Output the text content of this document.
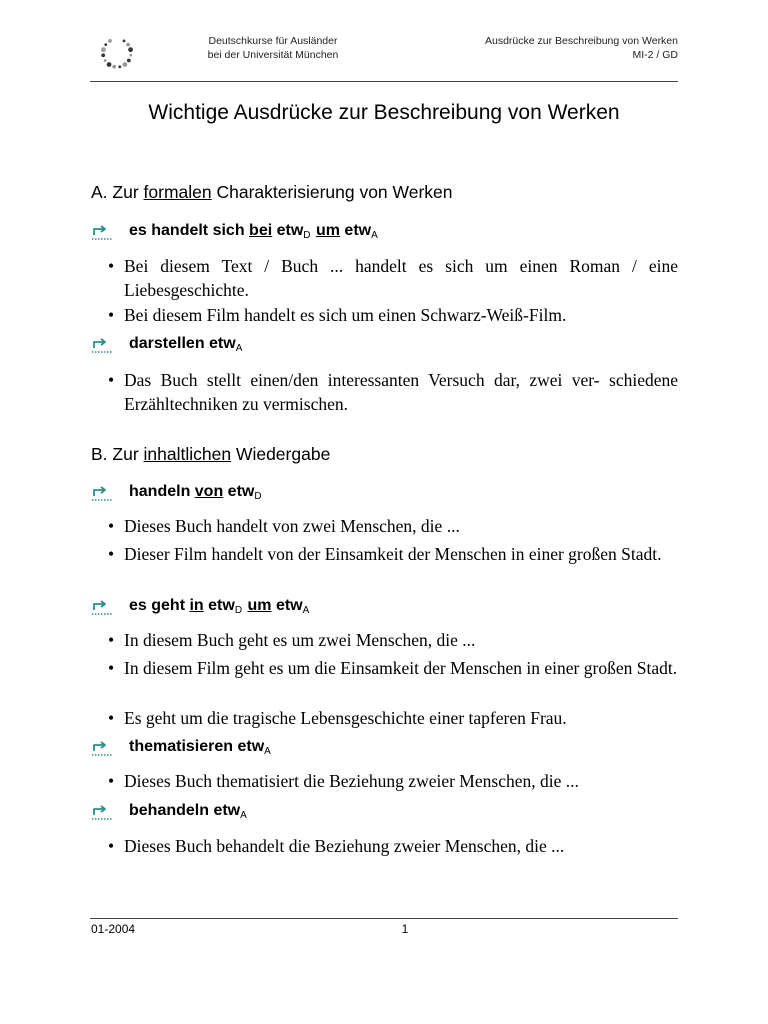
Deutschkurse für Ausländer
bei der Universität München
Ausdrücke zur Beschreibung von Werken
MI-2 / GD
Wichtige Ausdrücke zur Beschreibung von Werken
A. Zur formalen Charakterisierung von Werken
es handelt sich bei etw$_D$ um etw$_A$
• Bei diesem Text / Buch ... handelt es sich um einen Roman / eine Liebesgeschichte.
• Bei diesem Film handelt es sich um einen Schwarz-Weiß-Film.
darstellen etw$_A$
• Das Buch stellt einen/den interessanten Versuch dar, zwei ver- schiedene Erzähltechniken zu vermischen.
B. Zur inhaltlichen Wiedergabe
handeln von etw$_D$
• Dieses Buch handelt von zwei Menschen, die ...
• Dieser Film handelt von der Einsamkeit der Menschen in einer großen Stadt.
es geht in etw$_D$ um etw$_A$
• In diesem Buch geht es um zwei Menschen, die ...
• In diesem Film geht es um die Einsamkeit der Menschen in einer großen Stadt.
• Es geht um die tragische Lebensgeschichte einer tapferen Frau.
thematisieren etw$_A$
• Dieses Buch thematisiert die Beziehung zweier Menschen, die ...
behandeln etw$_A$
• Dieses Buch behandelt die Beziehung zweier Menschen, die ...
01-2004	1
